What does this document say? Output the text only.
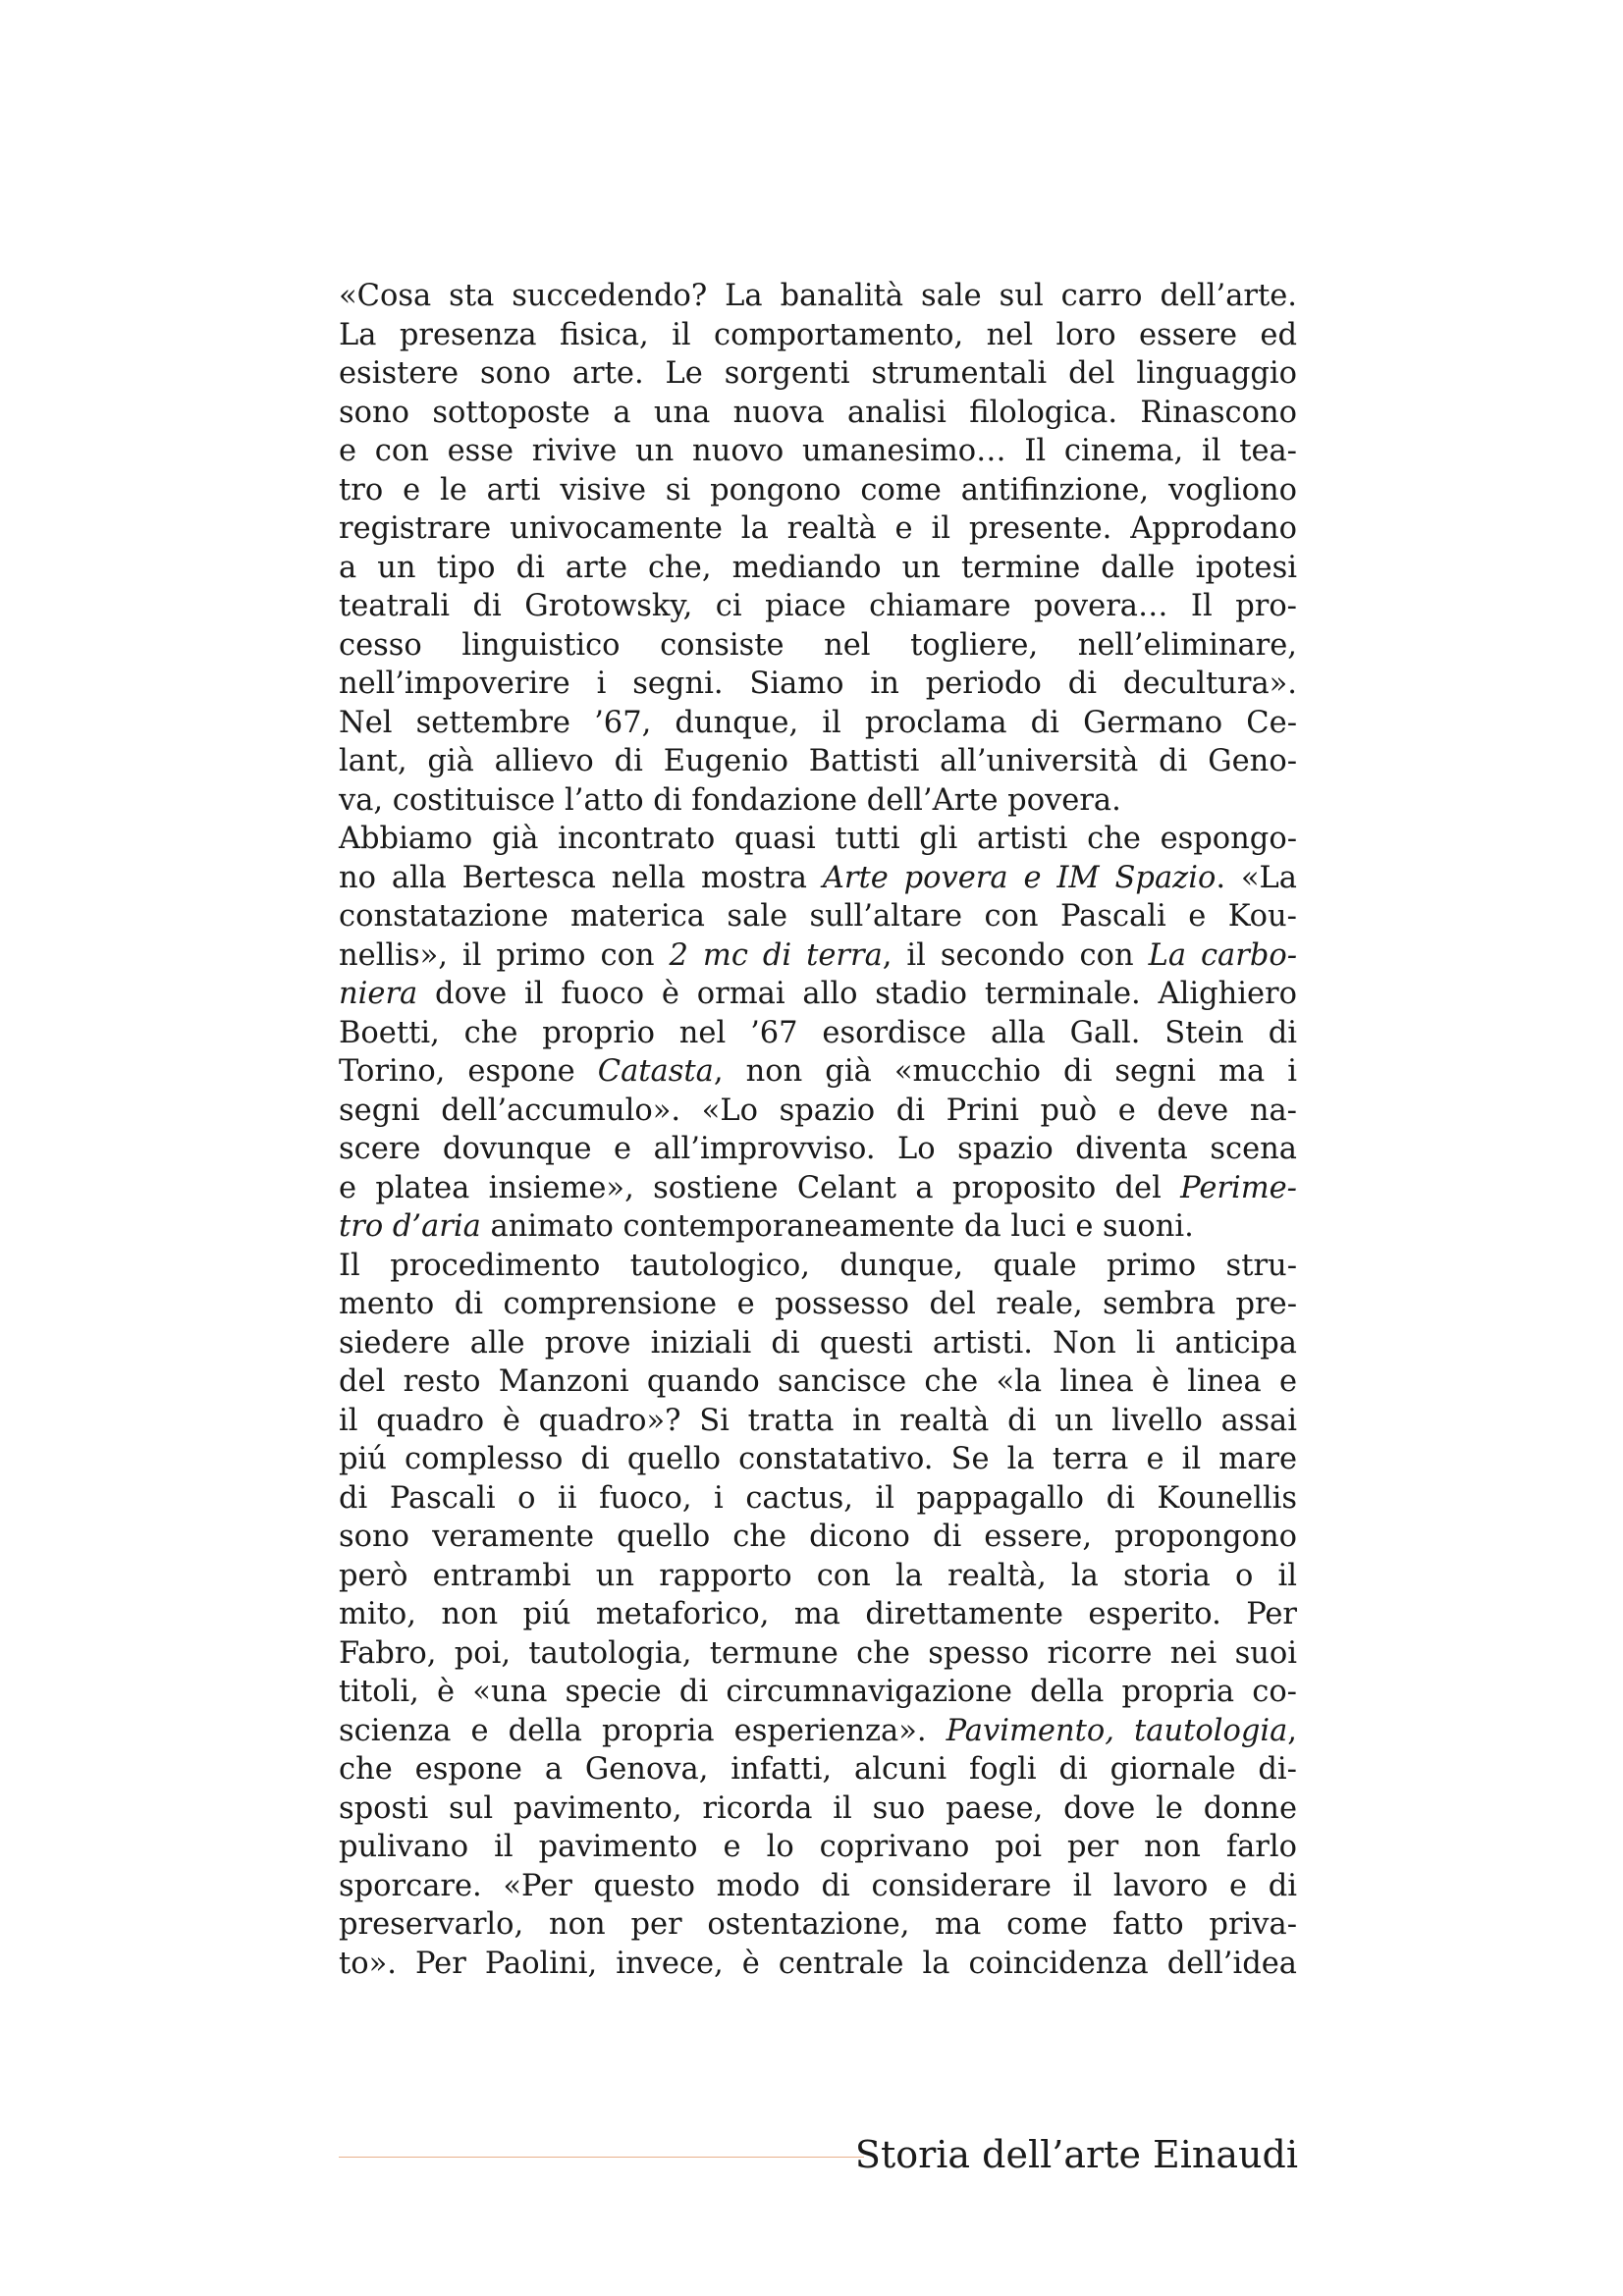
«Cosa sta succedendo? La banalità sale sul carro dell’arte.
La presenza fisica, il comportamento, nel loro essere ed
esistere sono arte. Le sorgenti strumentali del linguaggio
sono sottoposte a una nuova analisi filologica. Rinascono
e con esse rivive un nuovo umanesimo… Il cinema, il tea-
tro e le arti visive si pongono come antifinzione, vogliono
registrare univocamente la realtà e il presente. Approdano
a un tipo di arte che, mediando un termine dalle ipotesi
teatrali di Grotowsky, ci piace chiamare povera… Il pro-
cesso linguistico consiste nel togliere, nell’eliminare,
nell’impoverire i segni. Siamo in periodo di decultura».
Nel settembre ’67, dunque, il proclama di Germano Ce-
lant, già allievo di Eugenio Battisti all’università di Geno-
va, costituisce l’atto di fondazione dell’Arte povera.
Abbiamo già incontrato quasi tutti gli artisti che espongo-
no alla Bertesca nella mostra Arte povera e IM Spazio. «La
constatazione materica sale sull’altare con Pascali e Kou-
nellis», il primo con 2 mc di terra, il secondo con La carbo-
niera dove il fuoco è ormai allo stadio terminale. Alighiero
Boetti, che proprio nel ’67 esordisce alla Gall. Stein di
Torino, espone Catasta, non già «mucchio di segni ma i
segni dell’accumulo». «Lo spazio di Prini può e deve na-
scere dovunque e all’improvviso. Lo spazio diventa scena
e platea insieme», sostiene Celant a proposito del Perime-
tro d’aria animato contemporaneamente da luci e suoni.
Il procedimento tautologico, dunque, quale primo stru-
mento di comprensione e possesso del reale, sembra pre-
siedere alle prove iniziali di questi artisti. Non li anticipa
del resto Manzoni quando sancisce che «la linea è linea e
il quadro è quadro»? Si tratta in realtà di un livello assai
piú complesso di quello constatativo. Se la terra e il mare
di Pascali o ii fuoco, i cactus, il pappagallo di Kounellis
sono veramente quello che dicono di essere, propongono
però entrambi un rapporto con la realtà, la storia o il
mito, non piú metaforico, ma direttamente esperito. Per
Fabro, poi, tautologia, termune che spesso ricorre nei suoi
titoli, è «una specie di circumnavigazione della propria co-
scienza e della propria esperienza». Pavimento, tautologia,
che espone a Genova, infatti, alcuni fogli di giornale di-
sposti sul pavimento, ricorda il suo paese, dove le donne
pulivano il pavimento e lo coprivano poi per non farlo
sporcare. «Per questo modo di considerare il lavoro e di
preservarlo, non per ostentazione, ma come fatto priva-
to». Per Paolini, invece, è centrale la coincidenza dell’idea
Storia dell’arte Einaudi
